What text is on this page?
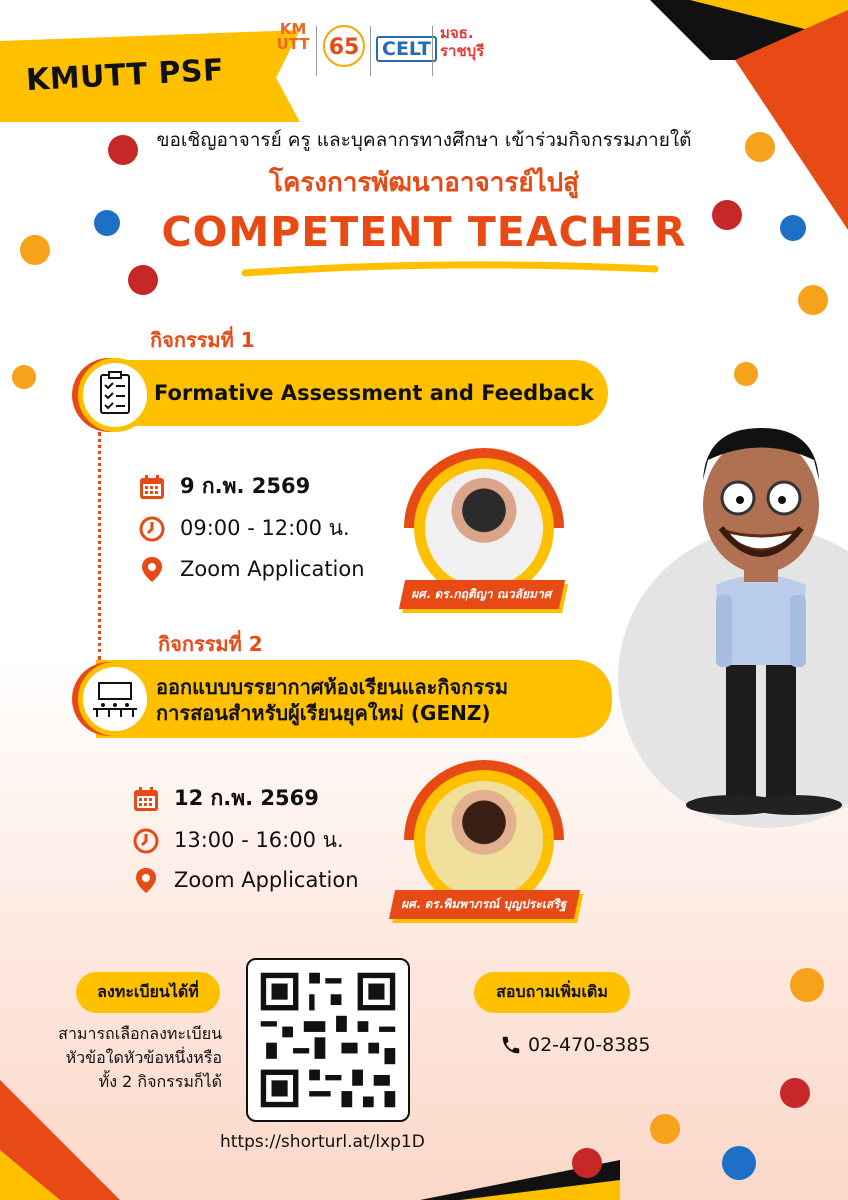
KMUTT PSF
KM UTT 65	CELT
มจธ.
ราชบุรี
ขอเชิญอาจารย์ ครู และบุคลากรทางศึกษา เข้าร่วมกิจกรรมภายใต้
โครงการพัฒนาอาจารย์ไปสู่
COMPETENT TEACHER
กิจกรรมที่ 1
Formative Assessment and Feedback
9 ก.พ. 2569
09:00 - 12:00 น.
Zoom Application
ผศ. ดร.กฤติญา ณวลัยมาศ
กิจกรรมที่ 2
ออกแบบบรรยากาศห้องเรียนและกิจกรรม
การสอนสำหรับผู้เรียนยุคใหม่ (GENZ)
12 ก.พ. 2569
13:00 - 16:00 น.
Zoom Application
ผศ. ดร.พิมพาภรณ์ บุญประเสริฐ
ลงทะเบียนได้ที่
สามารถเลือกลงทะเบียน
หัวข้อใดหัวข้อหนึ่งหรือ
ทั้ง 2 กิจกรรมก็ได้
https://shorturl.at/lxp1D
สอบถามเพิ่มเติม
02-470-8385
